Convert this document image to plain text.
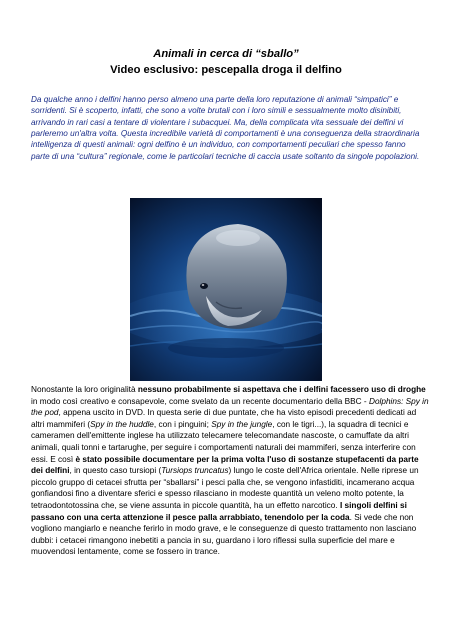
Animali in cerca di “sballo”
Video esclusivo: pescepalla droga il delfino

Da qualche anno i delfini hanno perso almeno una parte della loro reputazione di animali “simpatici” e sorridenti. Si è scoperto, infatti, che sono a volte brutali con i loro simili e sessualmente molto disinibiti, arrivando in rari casi a tentare di violentare i subacquei. Ma, della complicata vita sessuale dei delfini vi parleremo un'altra volta. Questa incredibile varietà di comportamenti è una conseguenza della straordinaria intelligenza di questi animali: ogni delfino è un individuo, con comportamenti peculiari che spesso fanno parte di una “cultura” regionale, come le particolari tecniche di caccia usate soltanto da singole popolazioni.

Nonostante la loro originalità nessuno probabilmente si aspettava che i delfini facessero uso di droghe in modo così creativo e consapevole, come svelato da un recente documentario della BBC - Dolphins: Spy in the pod, appena uscito in DVD. In questa serie di due puntate, che ha visto episodi precedenti dedicati ad altri mammiferi (Spy in the huddle, con i pinguini; Spy in the jungle, con le tigri...), la squadra di tecnici e cameramen dell'emittente inglese ha utilizzato telecamere telecomandate nascoste, o camuffate da altri animali, quali tonni e tartarughe, per seguire i comportamenti naturali dei mammiferi, senza interferire con essi. E così è stato possibile documentare per la prima volta l'uso di sostanze stupefacenti da parte dei delfini, in questo caso tursiopi (Tursiops truncatus) lungo le coste dell'Africa orientale. Nelle riprese un piccolo gruppo di cetacei sfrutta per “sballarsi” i pesci palla che, se vengono infastiditi, incamerano acqua gonfiandosi fino a diventare sferici e spesso rilasciano in modeste quantità un veleno molto potente, la tetraodontotossina che, se viene assunta in piccole quantità, ha un effetto narcotico. I singoli delfini si passano con una certa attenzione il pesce palla arrabbiato, tenendolo per la coda. Si vede che non vogliono mangiarlo e neanche ferirlo in modo grave, e le conseguenze di questo trattamento non lasciano dubbi: i cetacei rimangono inebetiti a pancia in su, guardano i loro riflessi sulla superficie del mare e muovendosi lentamente, come se fossero in trance.
